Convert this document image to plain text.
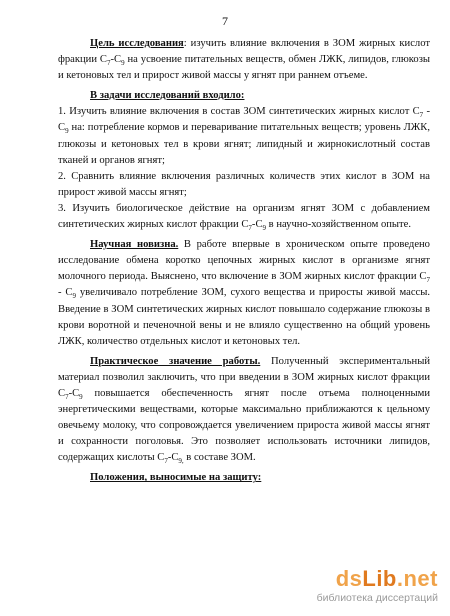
7

Цель исследования: изучить влияние включения в ЗОМ жирных кислот фракции $С_7-С_9$ на усвоение питательных веществ, обмен ЛЖК, липидов, глюкозы и кетоновых тел и прирост живой массы у ягнят при раннем отъеме.

В задачи исследований входило:

1. Изучить влияние включения в состав ЗОМ синтетических жирных кислот $С_7 - С_9$ на: потребление кормов и переваривание питательных веществ; уровень ЛЖК, глюкозы и кетоновых тел в крови ягнят; липидный и жирнокислотный состав тканей и органов ягнят;

2. Сравнить влияние включения различных количеств этих кислот в ЗОМ на прирост живой массы ягнят;

3. Изучить биологическое действие на организм ягнят ЗОМ с добавлением синтетических жирных кислот фракции $С_7-С_9$ в научно-хозяйственном опыте.

Научная новизна. В работе впервые в хроническом опыте проведено исследование обмена коротко цепочных жирных кислот в организме ягнят молочного периода. Выяснено, что включение в ЗОМ жирных кислот фракции $С_7 - С_9$ увеличивало потребление ЗОМ, сухого вещества и приросты живой массы. Введение в ЗОМ синтетических жирных кислот повышало содержание глюкозы в крови воротной и печеночной вены и не влияло существенно на общий уровень ЛЖК, количество отдельных кислот и кетоновых тел.

Практическое значение работы. Полученный экспериментальный материал позволил заключить, что при введении в ЗОМ жирных кислот фракции $С_7-С_9$ повышается обеспеченность ягнят после отъема полноценными энергетическими веществами, которые максимально приближаются к цельному овечьему молоку, что сопровождается увеличением прироста живой массы ягнят и сохранности поголовья. Это позволяет использовать источники липидов, содержащих кислоты $С_7-С_{9,}$ в составе ЗОМ.

Положения, выносимые на защиту:

dsLib.net
библиотека диссертаций
